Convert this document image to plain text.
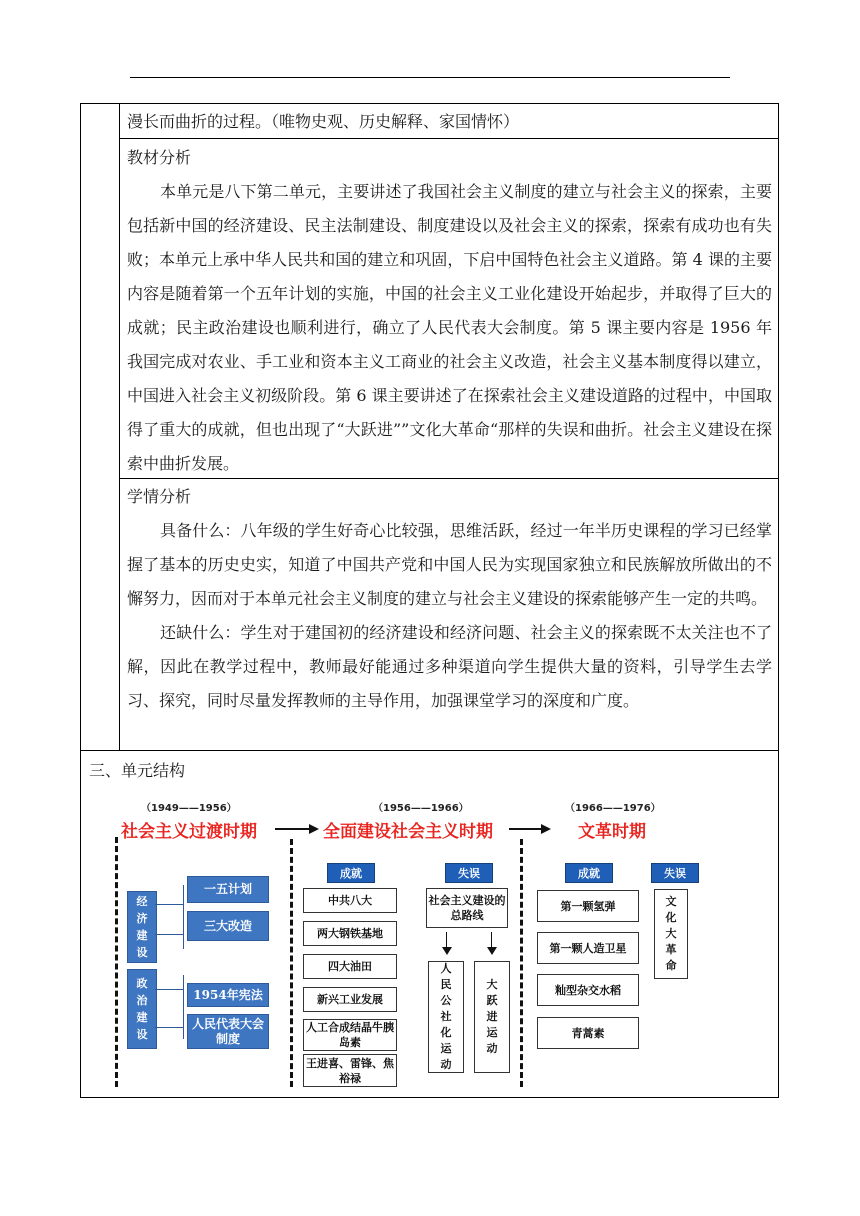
漫长而曲折的过程。（唯物史观、历史解释、家国情怀）

教材分析

本单元是八下第二单元，主要讲述了我国社会主义制度的建立与社会主义的探索，主要包括新中国的经济建设、民主法制建设、制度建设以及社会主义的探索，探索有成功也有失败；本单元上承中华人民共和国的建立和巩固，下启中国特色社会主义道路。第 4 课的主要内容是随着第一个五年计划的实施，中国的社会主义工业化建设开始起步，并取得了巨大的成就；民主政治建设也顺利进行，确立了人民代表大会制度。第 5 课主要内容是 1956 年我国完成对农业、手工业和资本主义工商业的社会主义改造，社会主义基本制度得以建立，中国进入社会主义初级阶段。第 6 课主要讲述了在探索社会主义建设道路的过程中，中国取得了重大的成就，但也出现了“大跃进””文化大革命“那样的失误和曲折。社会主义建设在探索中曲折发展。

学情分析

具备什么：八年级的学生好奇心比较强，思维活跃，经过一年半历史课程的学习已经掌握了基本的历史史实，知道了中国共产党和中国人民为实现国家独立和民族解放所做出的不懈努力，因而对于本单元社会主义制度的建立与社会主义建设的探索能够产生一定的共鸣。

还缺什么：学生对于建国初的经济建设和经济问题、社会主义的探索既不太关注也不了解，因此在教学过程中，教师最好能通过多种渠道向学生提供大量的资料，引导学生去学习、探究，同时尽量发挥教师的主导作用，加强课堂学习的深度和广度。

三、单元结构
（1949——1956）	（1956——1966）	（1966——1976）
社会主义过渡时期	全面建设社会主义时期	文革时期
经济建设
政治建设
一五计划
三大改造
1954年宪法
人民代表大会制度
成就	失误
中共八大
两大钢铁基地
四大油田
新兴工业发展
人工合成结晶牛胰岛素
王进喜、雷锋、焦裕禄
社会主义建设的总路线
人民公社化运动
大跃进运动
成就	失误
第一颗氢弹
第一颗人造卫星
籼型杂交水稻
青蒿素
文化大革命
